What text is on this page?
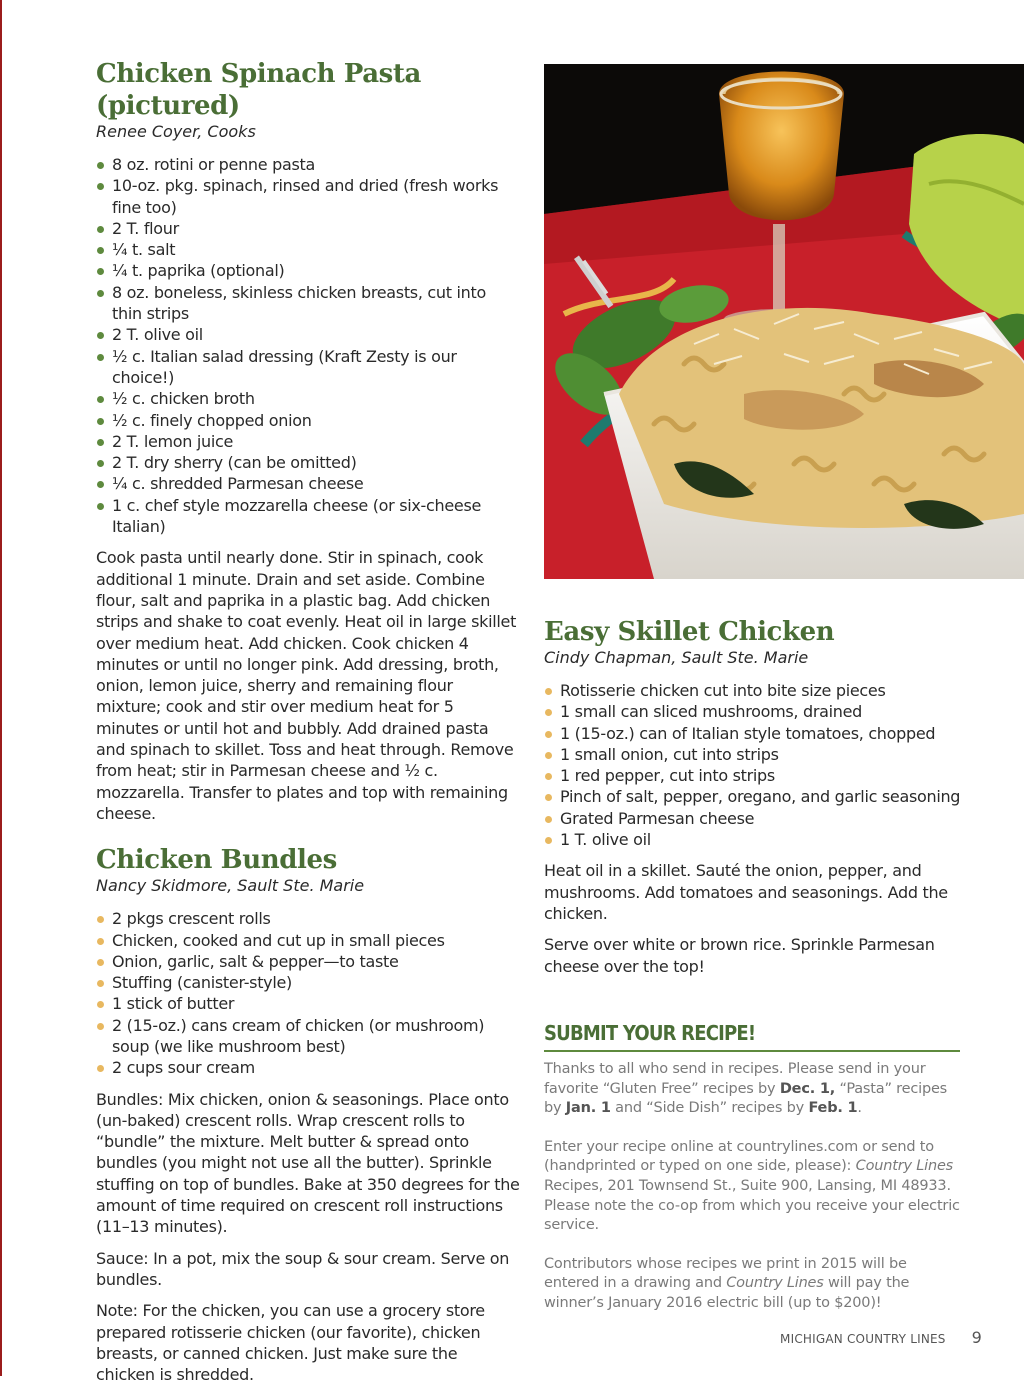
Chicken Spinach Pasta (pictured)

Renee Coyer, Cooks

8 oz. rotini or penne pasta
10-oz. pkg. spinach, rinsed and dried (fresh works fine too)
2 T. flour
¼ t. salt
¼ t. paprika (optional)
8 oz. boneless, skinless chicken breasts, cut into thin strips
2 T. olive oil
½ c. Italian salad dressing (Kraft Zesty is our choice!)
½ c. chicken broth
½ c. finely chopped onion
2 T. lemon juice
2 T. dry sherry (can be omitted)
¼ c. shredded Parmesan cheese
1 c. chef style mozzarella cheese (or six-cheese Italian)

Cook pasta until nearly done. Stir in spinach, cook additional 1 minute. Drain and set aside. Combine flour, salt and paprika in a plastic bag. Add chicken strips and shake to coat evenly. Heat oil in large skillet over medium heat. Add chicken. Cook chicken 4 minutes or until no longer pink. Add dressing, broth, onion, lemon juice, sherry and remaining flour mixture; cook and stir over medium heat for 5 minutes or until hot and bubbly. Add drained pasta and spinach to skillet. Toss and heat through. Remove from heat; stir in Parmesan cheese and ½ c. mozzarella. Transfer to plates and top with remaining cheese.

Chicken Bundles

Nancy Skidmore, Sault Ste. Marie

2 pkgs crescent rolls
Chicken, cooked and cut up in small pieces
Onion, garlic, salt & pepper—to taste
Stuffing (canister-style)
1 stick of butter
2 (15-oz.) cans cream of chicken (or mushroom) soup (we like mushroom best)
2 cups sour cream

Bundles: Mix chicken, onion & seasonings. Place onto (un-baked) crescent rolls. Wrap crescent rolls to “bundle” the mixture. Melt butter & spread onto bundles (you might not use all the butter). Sprinkle stuffing on top of bundles. Bake at 350 degrees for the amount of time required on crescent roll instructions (11–13 minutes).

Sauce: In a pot, mix the soup & sour cream. Serve on bundles.

Note: For the chicken, you can use a grocery store prepared rotisserie chicken (our favorite), chicken breasts, or canned chicken. Just make sure the chicken is shredded.

Easy Skillet Chicken

Cindy Chapman, Sault Ste. Marie

Rotisserie chicken cut into bite size pieces
1 small can sliced mushrooms, drained
1 (15-oz.) can of Italian style tomatoes, chopped
1 small onion, cut into strips
1 red pepper, cut into strips
Pinch of salt, pepper, oregano, and garlic seasoning
Grated Parmesan cheese
1 T. olive oil

Heat oil in a skillet. Sauté the onion, pepper, and mushrooms. Add tomatoes and seasonings. Add the chicken.

Serve over white or brown rice. Sprinkle Parmesan cheese over the top!

SUBMIT YOUR RECIPE!

Thanks to all who send in recipes. Please send in your favorite “Gluten Free” recipes by Dec. 1, “Pasta” recipes by Jan. 1 and “Side Dish” recipes by Feb. 1.

Enter your recipe online at countrylines.com or send to (handprinted or typed on one side, please): Country Lines Recipes, 201 Townsend St., Suite 900, Lansing, MI 48933. Please note the co-op from which you receive your electric service.

Contributors whose recipes we print in 2015 will be entered in a drawing and Country Lines will pay the winner’s January 2016 electric bill (up to $200)!

MICHIGAN COUNTRY LINES 9
